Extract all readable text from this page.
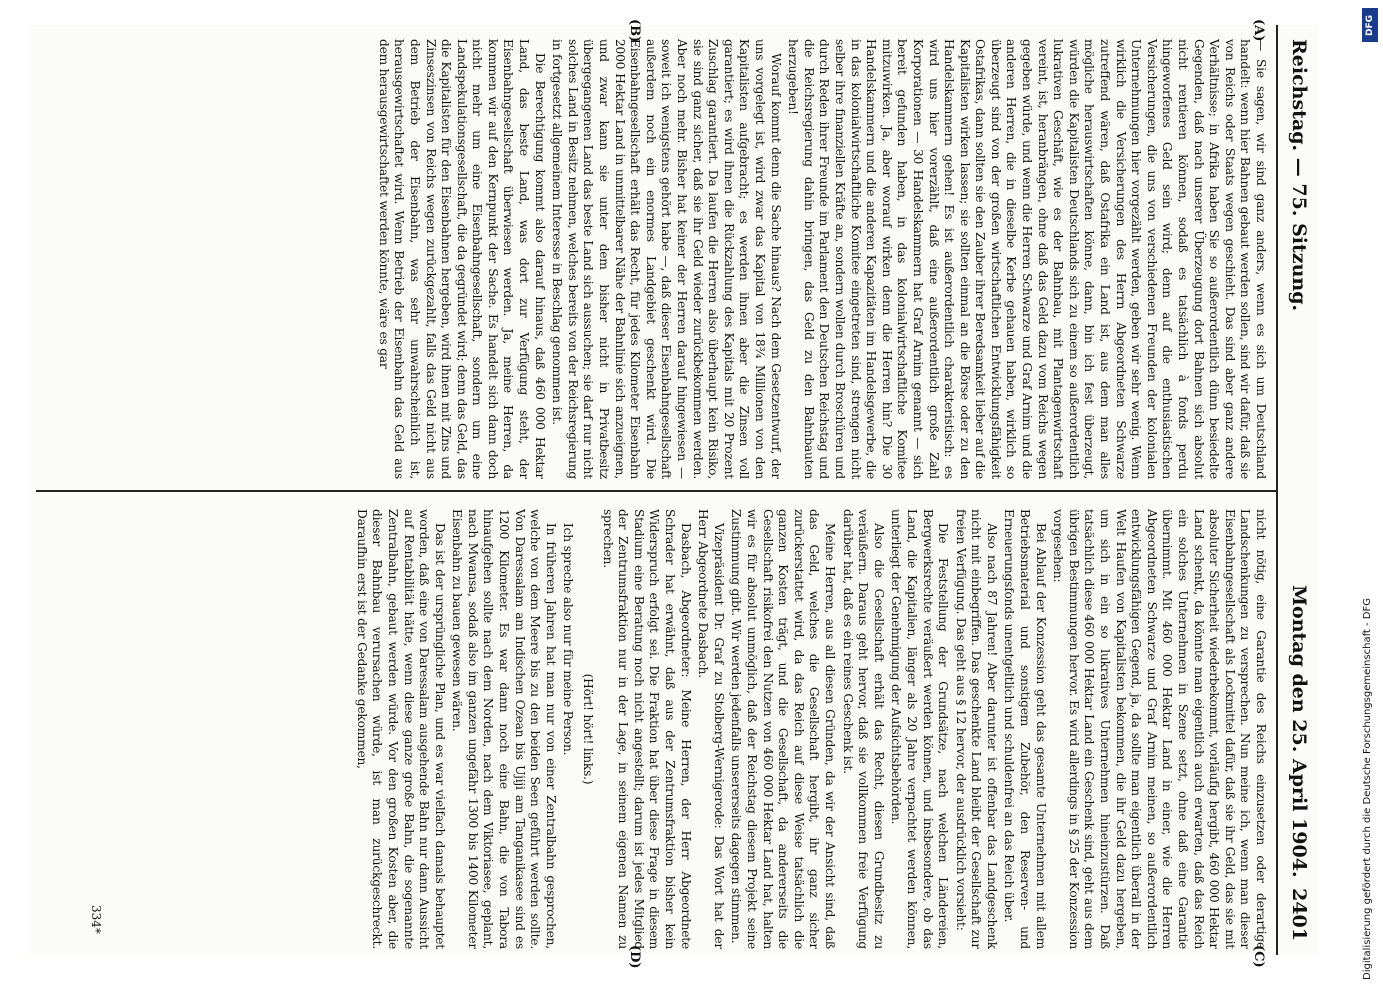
Reichstag. — 75. Sitzung.
Montag den 25. April 1904.
2401
(A)
(B)
(C)
(D)

— Sie sagen, wir sind ganz anders, wenn es sich um Deutschland handelt: wenn hier Bahnen gebaut werden sollen, sind wir dafür, daß sie von Reichs oder Staats wegen geschieht. Das sind aber ganz andere Verhältnisse; in Afrika haben Sie so außerordentlich dünn besiedelte Gegenden, daß nach unserer Überzeugung dort Bahnen sich absolut nicht rentieren können, sodaß es tatsächlich à fonds perdu hingeworfenes Geld sein wird; denn auf die enthusiastischen Versicherungen, die uns von verschiedenen Freunden der kolonialen Unternehmungen hier vorgezählt werden, geben wir sehr wenig. Wenn wirklich die Versicherungen des Herrn Abgeordneten Schwarze zutreffend wären, daß Ostafrika ein Land ist, aus dem man alles mögliche herauswirtschaften könne, dann, bin ich fest überzeugt, würden die Kapitalisten Deutschlands sich zu einem so außerordentlich lukrativen Geschäft, wie es der Bahnbau, mit Plantagenwirtschaft vereint, ist, heranbrängen, ohne daß das Geld dazu vom Reichs wegen gegeben würde, und wenn die Herren Schwarze und Graf Arnim und die anderen Herren, die in dieselbe Kerbe gehauen haben, wirklich so überzeugt sind von der großen wirtschaftlichen Entwicklungsfähigkeit Ostafrikas, dann sollten sie den Zauber ihrer Beredsamkeit lieber auf die Kapitalisten wirken lassen; sie sollten einmal an die Börse oder zu den Handelskammern gehen! Es ist außerordentlich charakteristisch: es wird uns hier vorerzählt, daß eine außerordentlich große Zahl Korporationen — 30 Handelskammern hat Graf Arnim genannt — sich bereit gefunden haben, in das kolonialwirtschaftliche Komitee mitzuwirken. Ja, aber worauf wirken denn die Herren hin? Die 30 Handelskammern und die anderen Kapazitäten im Handelsgewerbe, die in das kolonialwirtschaftliche Komitee eingetreten sind, strengen nicht selber ihre finanziellen Kräfte an, sondern wollen durch Broschüren und durch Reden ihrer Freunde im Parlament den Deutschen Reichstag und die Reichsregierung dahin bringen, das Geld zu den Bahnbauten herzugeben!

Worauf kommt denn die Sache hinaus? Nach dem Gesetzentwurf, der uns vorgelegt ist, wird zwar das Kapital von 18¾ Millionen von den Kapitalisten aufgebracht; es werden ihnen aber die Zinsen voll garantiert; es wird ihnen die Rückzahlung des Kapitals mit 20 Prozent Zuschlag garantiert. Da laufen die Herren also überhaupt kein Risiko, sie sind ganz sicher, daß sie ihr Geld wieder zurückbekommen werden. Aber noch mehr. Bisher hat keiner der Herren darauf hingewiesen — soweit ich wenigstens gehört habe —, daß dieser Eisenbahngesellschaft außerdem noch ein enormes Landgebiet geschenkt wird. Die Eisenbahngesellschaft erhält das Recht, für jedes Kilometer Eisenbahn 2000 Hektar Land in unmittelbarer Nähe der Bahnlinie sich anzueignen, und zwar kann sie unter dem bisher nicht in Privatbesitz übergegangenen Land das beste Land sich aussuchen; sie darf nur nicht solches Land in Besitz nehmen, welches bereits von der Reichsregierung in fortgesetzt allgemeinem Interesse in Beschlag genommen ist.

Die Berechtigung kommt also darauf hinaus, daß 460 000 Hektar Land, das beste Land, was dort zur Verfügung steht, der Eisenbahngesellschaft überwiesen werden. Ja, meine Herren, da kommen wir auf den Kernpunkt der Sache. Es handelt sich dann doch nicht mehr um eine Eisenbahngesellschaft, sondern um eine Landspekulationsgesellschaft, die da gegründet wird; denn das Geld, das die Kapitalisten für den Eisenbahnen hergeben, wird ihnen mit Zins und Zinseszinsen von Reichs wegen zurückgezahlt, falls das Geld nicht aus dem Betrieb der Eisenbahn, was sehr unwahrscheinlich ist, herausgewirtschaftet wird. Wenn Betrieb der Eisenbahn das Geld aus dem herausgewirtschaftet werden könnte, wäre es gar

nicht nötig, eine Garantie des Reichs einzusetzen oder derartige Landschenkungen zu versprechen. Nun meine ich, wenn man dieser Eisenbahngesellschaft als Lockmittel dafür, daß sie ihr Geld, das sie mit absoluter Sicherheit wiederbekommt, vorläufig hergibt, 460 000 Hektar Land schenkt, da könnte man eigentlich auch erwarten, daß das Reich ein solches Unternehmen in Szene setzt, ohne daß eine Garantie übernimmt. Mit 460 000 Hektar Land in einer, wie die Herren Abgeordneten Schwarze und Graf Arnim meinen, so außerordentlich entwicklungsfähigen Gegend, ja, da sollte man eigentlich überall in der Welt Haufen von Kapitalisten bekommen, die ihr Geld dazu hergeben, um sich in ein so lukratives Unternehmen hineinzustürzen. Daß tatsächlich diese 460 000 Hektar Land ein Geschenk sind, geht aus dem übrigen Bestimmungen hervor. Es wird allerdings in § 25 der Konzession vorgesehen:

Bei Ablauf der Konzession geht das gesamte Unternehmen mit allem Betriebsmaterial und sonstigem Zubehör, den Reserven- und Erneuerungsfonds unentgeltlich und schuldenfrei an das Reich über.

Also nach 87 Jahren! Aber darunter ist offenbar das Landgeschenk nicht mit einbegriffen. Das geschenkte Land bleibt der Gesellschaft zur freien Verfügung. Das geht aus § 12 hervor, der ausdrücklich vorsieht:

Die Feststellung der Grundsätze, nach welchen Ländereien, Bergwerksrechte veräußert werden können, und insbesondere, ob das Land, die Kapitalien, länger als 20 Jahre verpachtet werden können, unterliegt der Genehmigung der Aufsichtsbehörden.

Also die Gesellschaft erhält das Recht, diesen Grundbesitz zu veräußern. Daraus geht hervor, daß sie vollkommen freie Verfügung darüber hat, daß es ein reines Geschenk ist.

Meine Herren, aus all diesen Gründen, da wir der Ansicht sind, daß das Geld, welches die Gesellschaft hergibt, ihr ganz sicher zurückerstattet wird, da das Reich auf diese Weise tatsächlich die ganzen Kosten trägt, und die Gesellschaft, da andererseits die Gesellschaft risikofrei den Nutzen von 460 000 Hektar Land hat, halten wir es für absolut unmöglich, daß der Reichstag diesem Projekt seine Zustimmung gibt. Wir werden jedenfalls unsererseits dagegen stimmen.

Vizepräsident Dr. Graf zu Stolberg-Wernigerode: Das Wort hat der Herr Abgeordnete Dasbach.

Dasbach, Abgeordneter: Meine Herren, der Herr Abgeordnete Schrader hat erwähnt, daß aus der Zentrumsfraktion bisher kein Widerspruch erfolgt sei. Die Fraktion hat über diese Frage in diesem Stadium eine Beratung noch nicht angestellt; darum ist jedes Mitglied der Zentrumsfraktion nur in der Lage, in seinem eigenen Namen zu sprechen.

(Hört! hört! links.)

Ich spreche also nur für meine Person.

In früheren Jahren hat man nur von einer Zentralbahn gesprochen, welche von dem Meere bis zu den beiden Seen geführt werden sollte. Von Daressalam am Indischen Ozean bis Ujiji am Tanganikasee sind es 1200 Kilometer. Es war dann noch eine Bahn, die von Tabora hinaufgehen sollte nach dem Norden, nach dem Viktoriasee, geplant, nach Mwansa, sodaß also im ganzen ungefähr 1300 bis 1400 Kilometer Eisenbahn zu bauen gewesen wären.

Das ist der ursprüngliche Plan, und es war vielfach damals behauptet worden, daß eine von Daressalam ausgehende Bahn nur dann Aussicht auf Rentabilität hätte, wenn diese ganze große Bahn, die sogenannte Zentralbahn, gebaut werden würde. Vor den großen Kosten aber, die dieser Bahnbau verursachen würde, ist man zurückgeschreckt. Daraufhin erst ist der Gedanke gekommen,

334*
DFG
Digitalisierung gefördert durch die Deutsche Forschungsgemeinschaft - DFG
